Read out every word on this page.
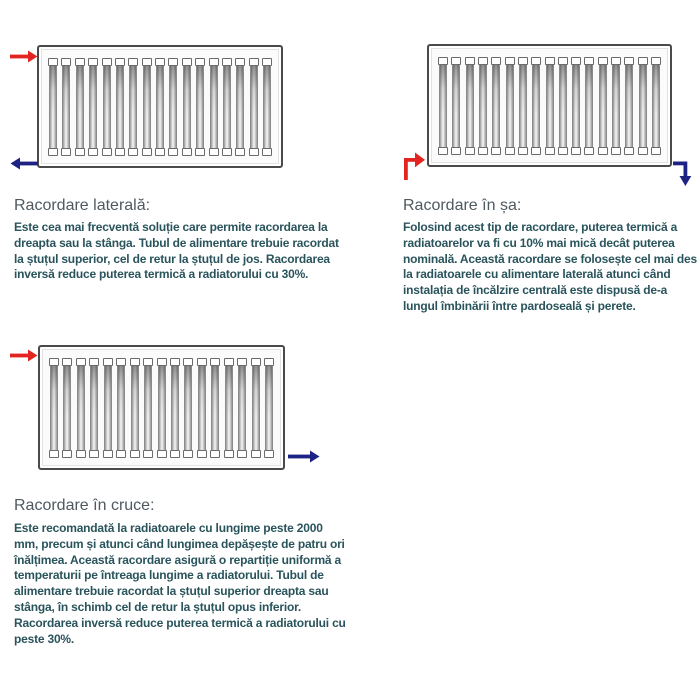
Racordare laterală:

Este cea mai frecventă soluție care permite racordarea la dreapta sau la stânga. Tubul de alimentare trebuie racordat la ștuțul superior, cel de retur la ștuțul de jos. Racordarea inversă reduce puterea termică a radiatorului cu 30%.

Racordare în șa:

Folosind acest tip de racordare, puterea termică a radiatoarelor va fi cu 10% mai mică decât puterea nominală. Această racordare se folosește cel mai des la radiatoarele cu alimentare laterală atunci când instalația de încălzire centrală este dispusă de-a lungul îmbinării între pardoseală și perete.

Racordare în cruce:

Este recomandată la radiatoarele cu lungime peste 2000 mm, precum și atunci când lungimea depășește de patru ori înălțimea. Această racordare asigură o repartiție uniformă a temperaturii pe întreaga lungime a radiatorului. Tubul de alimentare trebuie racordat la ștuțul superior dreapta sau stânga, în schimb cel de retur la ștuțul opus inferior. Racordarea inversă reduce puterea termică a radiatorului cu peste 30%.
